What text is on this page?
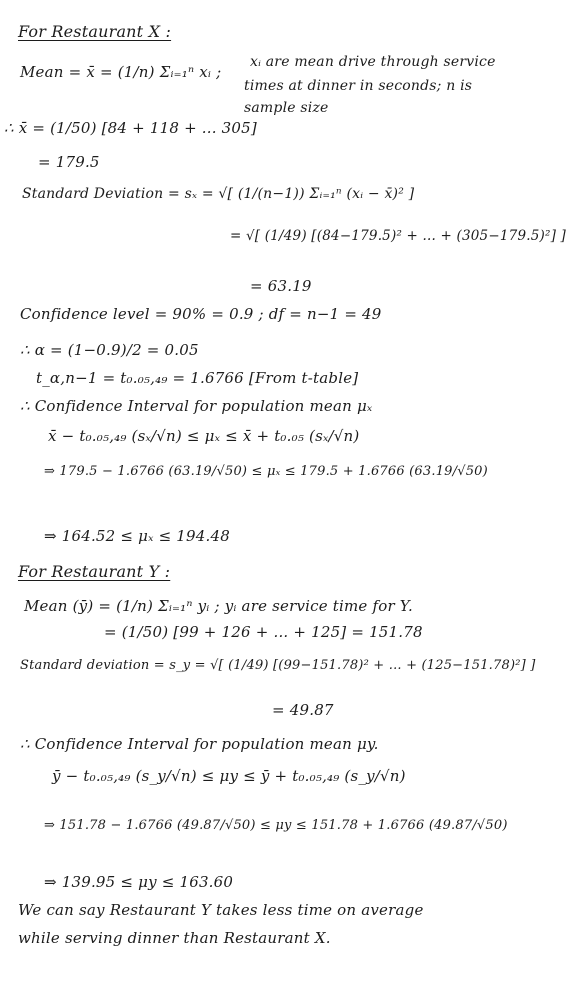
For Restaurant X :
Mean = x̄ = (1/n) Σᵢ₌₁ⁿ xᵢ ;
xᵢ are mean drive through service
times at dinner in seconds; n is
sample size
∴ x̄ = (1/50) [84 + 118 + ... 305]
= 179.5
Standard Deviation = sₓ = √[ (1/(n−1)) Σᵢ₌₁ⁿ (xᵢ − x̄)² ]
= √[ (1/49) [(84−179.5)² + ... + (305−179.5)²] ]
= 63.19
Confidence level = 90% = 0.9 ; df = n−1 = 49
∴ α = (1−0.9)/2 = 0.05
t_α,n−1 = t₀.₀₅,₄₉ = 1.6766 [From t-table]
∴ Confidence Interval for population mean μₓ
x̄ − t₀.₀₅,₄₉ (sₓ/√n) ≤ μₓ ≤ x̄ + t₀.₀₅ (sₓ/√n)
⇒ 179.5 − 1.6766 (63.19/√50) ≤ μₓ ≤ 179.5 + 1.6766 (63.19/√50)
⇒ 164.52 ≤ μₓ ≤ 194.48
For Restaurant Y :
Mean (ȳ) = (1/n) Σᵢ₌₁ⁿ yᵢ ; yᵢ are service time for Y.
= (1/50) [99 + 126 + ... + 125] = 151.78
Standard deviation = s_y = √[ (1/49) [(99−151.78)² + ... + (125−151.78)²] ]
= 49.87
∴ Confidence Interval for population mean μy.
ȳ − t₀.₀₅,₄₉ (s_y/√n) ≤ μy ≤ ȳ + t₀.₀₅,₄₉ (s_y/√n)
⇒ 151.78 − 1.6766 (49.87/√50) ≤ μy ≤ 151.78 + 1.6766 (49.87/√50)
⇒ 139.95 ≤ μy ≤ 163.60
We can say Restaurant Y takes less time on average
while serving dinner than Restaurant X.
